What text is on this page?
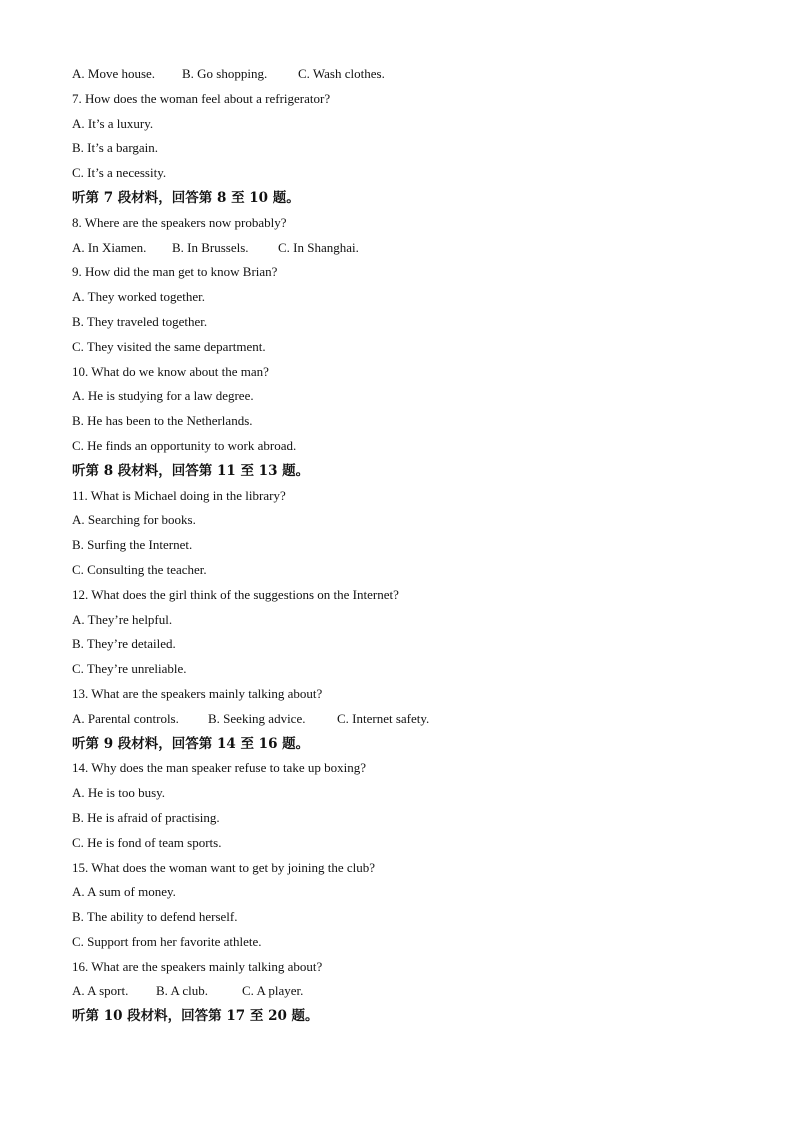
A. Move house. B. Go shopping. C. Wash clothes.
7. How does the woman feel about a refrigerator?
A. It’s a luxury.
B. It’s a bargain.
C. It’s a necessity.
听第 7 段材料，回答第 8 至 10 题。
8. Where are the speakers now probably?
A. In Xiamen. B. In Brussels. C. In Shanghai.
9. How did the man get to know Brian?
A. They worked together.
B. They traveled together.
C. They visited the same department.
10. What do we know about the man?
A. He is studying for a law degree.
B. He has been to the Netherlands.
C. He finds an opportunity to work abroad.
听第 8 段材料，回答第 11 至 13 题。
11. What is Michael doing in the library?
A. Searching for books.
B. Surfing the Internet.
C. Consulting the teacher.
12. What does the girl think of the suggestions on the Internet?
A. They’re helpful.
B. They’re detailed.
C. They’re unreliable.
13. What are the speakers mainly talking about?
A. Parental controls. B. Seeking advice. C. Internet safety.
听第 9 段材料，回答第 14 至 16 题。
14. Why does the man speaker refuse to take up boxing?
A. He is too busy.
B. He is afraid of practising.
C. He is fond of team sports.
15. What does the woman want to get by joining the club?
A. A sum of money.
B. The ability to defend herself.
C. Support from her favorite athlete.
16. What are the speakers mainly talking about?
A. A sport. B. A club.	C. A player.
听第 10 段材料，回答第 17 至 20 题。
